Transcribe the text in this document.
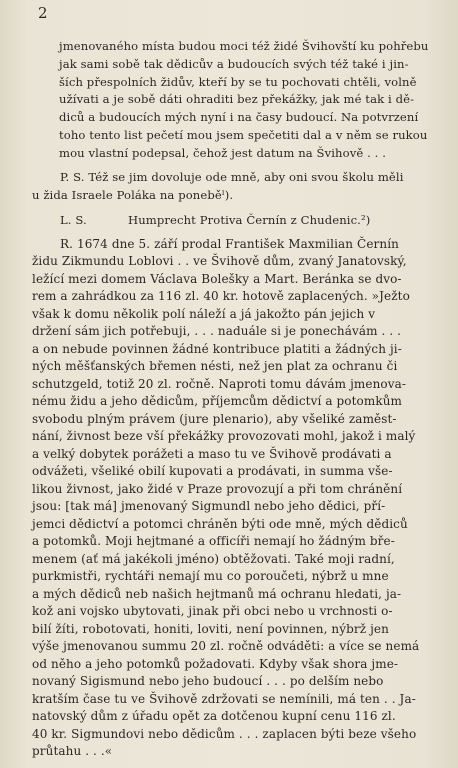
2
jmenovaného místa budou moci též židé Švihovští ku pohřebu
jak sami sobě tak dědicův a budoucích svých též také i jin-
ších přespolních židův, kteří by se tu pochovati chtěli, volně
užívati a je sobě dáti ohraditi bez překážky, jak mé tak i dě-
diců a budoucích mých nyní i na časy budoucí. Na potvrzení
toho tento list pečetí mou jsem spečetiti dal a v něm se rukou
mou vlastní podepsal, čehož jest datum na Švihově . . .
P. S. Též se jim dovoluje ode mně, aby oni svou školu měli
u žida Israele Poláka na poneběˡ).
L. S.	Humprecht Protiva Černín z Chudenic.²)
R. 1674 dne 5. září prodal František Maxmilian Černín
židu Zikmundu Loblovi . . ve Švihově dům, zvaný Janatovský,
ležící mezi domem Václava Bolešky a Mart. Beránka se dvo-
rem a zahrádkou za 116 zl. 40 kr. hotově zaplacených. »Ježto
však k domu několik polí náleží a já jakožto pán jejich v
držení sám jich potřebuji, . . . naduále si je ponechávám . . .
a on nebude povinnen žádné kontribuce platiti a žádných ji-
ných měšťanských břemen nésti, než jen plat za ochranu či
schutzgeld, totiž 20 zl. ročně. Naproti tomu dávám jmenova-
nému židu a jeho dědicům, příjemcům dědictví a potomkům
svobodu plným právem (jure plenario), aby všeliké zaměst-
nání, živnost beze vší překážky provozovati mohl, jakož i malý
a velký dobytek porážeti a maso tu ve Švihově prodávati a
odvážeti, všeliké obilí kupovati a prodávati, in summa vše-
likou živnost, jako židé v Praze provozují a při tom chránění
jsou: [tak má] jmenovaný Sigmundl nebo jeho dědici, pří-
jemci dědictví a potomci chráněn býti ode mně, mých dědiců
a potomků. Moji hejtmané a officíři nemají ho žádným bře-
menem (ať má jakékoli jméno) obtěžovati. Také moji radní,
purkmistři, rychtáři nemají mu co poroučeti, nýbrž u mne
a mých dědiců neb našich hejtmanů má ochranu hledati, ja-
kož ani vojsko ubytovati, jinak při obci nebo u vrchnosti o-
bilí žíti, robotovati, honiti, loviti, není povinnen, nýbrž jen
výše jmenovanou summu 20 zl. ročně odváděti: a více se nemá
od něho a jeho potomků požadovati. Kdyby však shora jme-
novaný Sigismund nebo jeho budoucí . . . po delším nebo
kratším čase tu ve Švihově zdržovati se nemínili, má ten . . Ja-
natovský dům z úřadu opět za dotčenou kupní cenu 116 zl.
40 kr. Sigmundovi nebo dědicům . . . zaplacen býti beze všeho
průtahu . . .«
